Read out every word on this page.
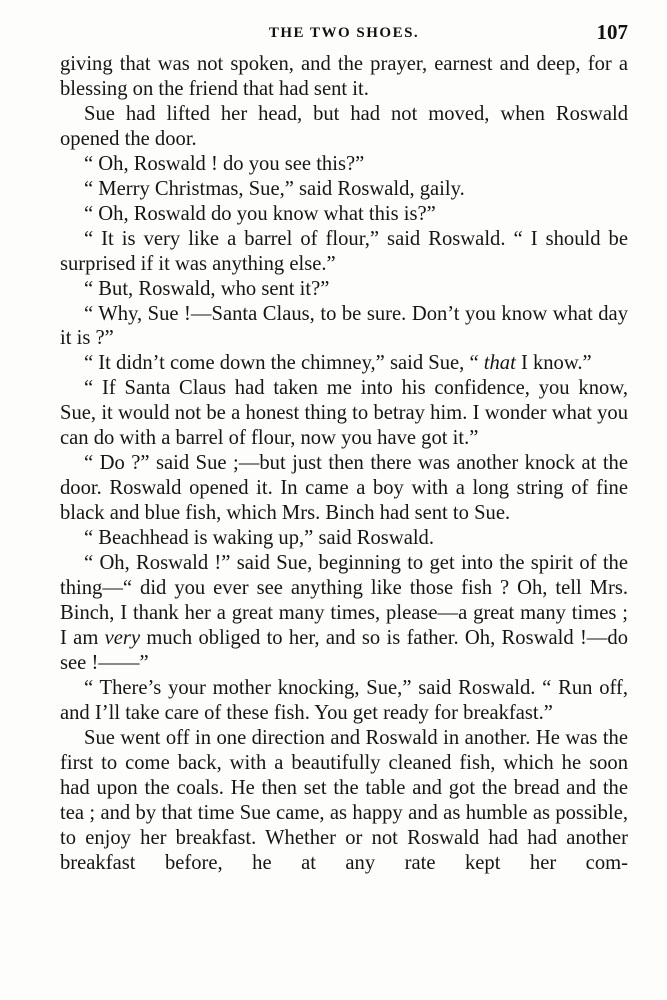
THE TWO SHOES.	107

giving that was not spoken, and the prayer, earnest and deep, for a blessing on the friend that had sent it.

Sue had lifted her head, but had not moved, when Roswald opened the door.

“ Oh, Roswald ! do you see this?”

“ Merry Christmas, Sue,” said Roswald, gaily.

“ Oh, Roswald do you know what this is?”

“ It is very like a barrel of flour,” said Roswald. “ I should be surprised if it was anything else.”

“ But, Roswald, who sent it?”

“ Why, Sue !—Santa Claus, to be sure. Don’t you know what day it is ?”

“ It didn’t come down the chimney,” said Sue, “ that I know.”

“ If Santa Claus had taken me into his confidence, you know, Sue, it would not be a honest thing to betray him. I wonder what you can do with a barrel of flour, now you have got it.”

“ Do ?” said Sue ;—but just then there was another knock at the door. Roswald opened it. In came a boy with a long string of fine black and blue fish, which Mrs. Binch had sent to Sue.

“ Beachhead is waking up,” said Roswald.

“ Oh, Roswald !” said Sue, beginning to get into the spirit of the thing—“ did you ever see anything like those fish ? Oh, tell Mrs. Binch, I thank her a great many times, please—a great many times ; I am very much obliged to her, and so is father. Oh, Roswald !—do see !——”

“ There’s your mother knocking, Sue,” said Roswald. “ Run off, and I’ll take care of these fish. You get ready for breakfast.”

Sue went off in one direction and Roswald in another. He was the first to come back, with a beautifully cleaned fish, which he soon had upon the coals. He then set the table and got the bread and the tea ; and by that time Sue came, as happy and as humble as possible, to enjoy her breakfast. Whether or not Roswald had had another breakfast before, he at any rate kept her com-
